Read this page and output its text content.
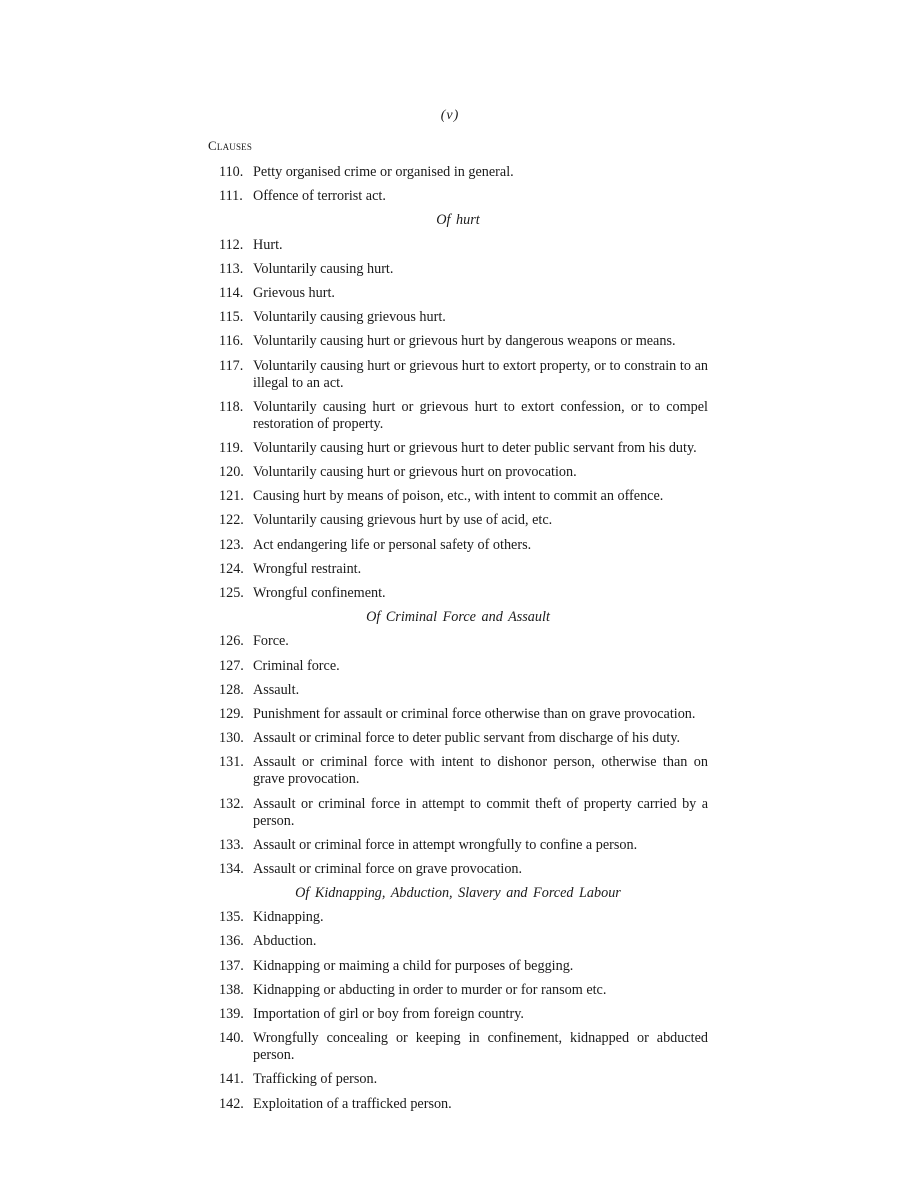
(v)
Clauses
110. Petty organised crime or organised in general.
111. Offence of terrorist act.
Of hurt
112. Hurt.
113. Voluntarily causing hurt.
114. Grievous hurt.
115. Voluntarily causing grievous hurt.
116. Voluntarily causing hurt or grievous hurt by dangerous weapons or means.
117. Voluntarily causing hurt or grievous hurt to extort property, or to constrain to an illegal to an act.
118. Voluntarily causing hurt or grievous hurt to extort confession, or to compel restoration of property.
119. Voluntarily causing hurt or grievous hurt to deter public servant from his duty.
120. Voluntarily causing hurt or grievous hurt on provocation.
121. Causing hurt by means of poison, etc., with intent to commit an offence.
122. Voluntarily causing grievous hurt by use of acid, etc.
123. Act endangering life or personal safety of others.
124. Wrongful restraint.
125. Wrongful confinement.
Of Criminal Force and Assault
126. Force.
127. Criminal force.
128. Assault.
129. Punishment for assault or criminal force otherwise than on grave provocation.
130. Assault or criminal force to deter public servant from discharge of his duty.
131. Assault or criminal force with intent to dishonor person, otherwise than on grave provocation.
132. Assault or criminal force in attempt to commit theft of property carried by a person.
133. Assault or criminal force in attempt wrongfully to confine a person.
134. Assault or criminal force on grave provocation.
Of Kidnapping, Abduction, Slavery and Forced Labour
135. Kidnapping.
136. Abduction.
137. Kidnapping or maiming a child for purposes of begging.
138. Kidnapping or abducting in order to murder or for ransom etc.
139. Importation of girl or boy from foreign country.
140. Wrongfully concealing or keeping in confinement, kidnapped or abducted person.
141. Trafficking of person.
142. Exploitation of a trafficked person.
